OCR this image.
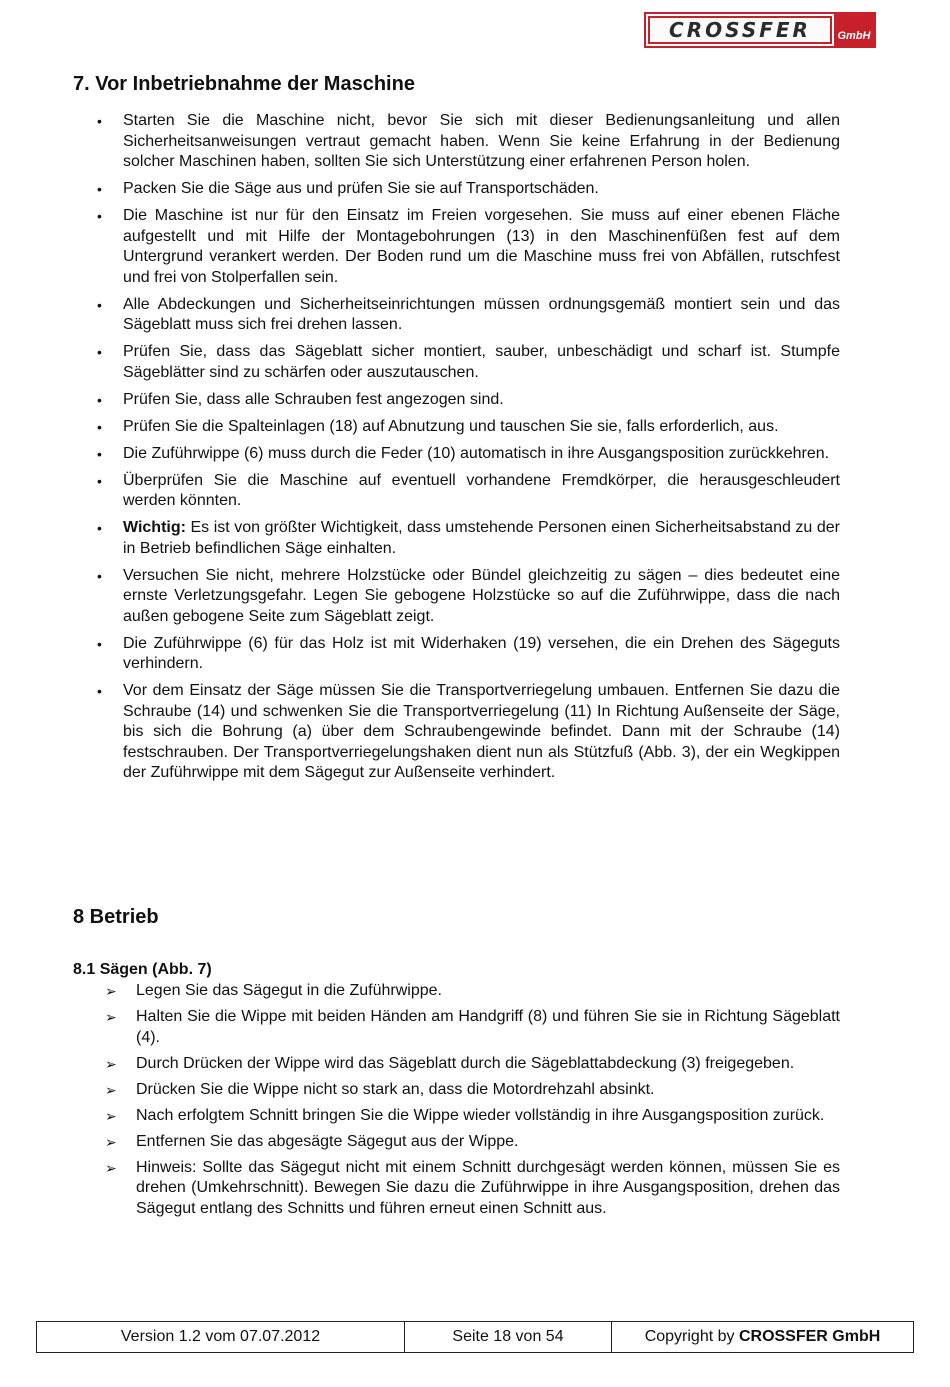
CROSSFER	GmbH
7. Vor Inbetriebnahme der Maschine
• Starten Sie die Maschine nicht, bevor Sie sich mit dieser Bedienungsanleitung und allen Sicherheitsanweisungen vertraut gemacht haben. Wenn Sie keine Erfahrung in der Bedienung solcher Maschinen haben, sollten Sie sich Unterstützung einer erfahrenen Person holen.
• Packen Sie die Säge aus und prüfen Sie sie auf Transportschäden.
• Die Maschine ist nur für den Einsatz im Freien vorgesehen. Sie muss auf einer ebenen Fläche aufgestellt und mit Hilfe der Montagebohrungen (13) in den Maschinenfüßen fest auf dem Untergrund verankert werden. Der Boden rund um die Maschine muss frei von Abfällen, rutschfest und frei von Stolperfallen sein.
• Alle Abdeckungen und Sicherheitseinrichtungen müssen ordnungsgemäß montiert sein und das Sägeblatt muss sich frei drehen lassen.
• Prüfen Sie, dass das Sägeblatt sicher montiert, sauber, unbeschädigt und scharf ist. Stumpfe Sägeblätter sind zu schärfen oder auszutauschen.
• Prüfen Sie, dass alle Schrauben fest angezogen sind.
• Prüfen Sie die Spalteinlagen (18) auf Abnutzung und tauschen Sie sie, falls erforderlich, aus.
• Die Zuführwippe (6) muss durch die Feder (10) automatisch in ihre Ausgangsposition zurückkehren.
• Überprüfen Sie die Maschine auf eventuell vorhandene Fremdkörper, die herausgeschleudert werden könnten.
• Wichtig: Es ist von größter Wichtigkeit, dass umstehende Personen einen Sicherheitsabstand zu der in Betrieb befindlichen Säge einhalten.
• Versuchen Sie nicht, mehrere Holzstücke oder Bündel gleichzeitig zu sägen – dies bedeutet eine ernste Verletzungsgefahr. Legen Sie gebogene Holzstücke so auf die Zuführwippe, dass die nach außen gebogene Seite zum Sägeblatt zeigt.
• Die Zuführwippe (6) für das Holz ist mit Widerhaken (19) versehen, die ein Drehen des Sägeguts verhindern.
• Vor dem Einsatz der Säge müssen Sie die Transportverriegelung umbauen. Entfernen Sie dazu die Schraube (14) und schwenken Sie die Transportverriegelung (11) In Richtung Außenseite der Säge, bis sich die Bohrung (a) über dem Schraubengewinde befindet. Dann mit der Schraube (14) festschrauben. Der Transportverriegelungshaken dient nun als Stützfuß (Abb. 3), der ein Wegkippen der Zuführwippe mit dem Sägegut zur Außenseite verhindert.
8 Betrieb
8.1 Sägen (Abb. 7)
➢ Legen Sie das Sägegut in die Zuführwippe.
➢ Halten Sie die Wippe mit beiden Händen am Handgriff (8) und führen Sie sie in Richtung Sägeblatt (4).
➢ Durch Drücken der Wippe wird das Sägeblatt durch die Sägeblattabdeckung (3) freigegeben.
➢ Drücken Sie die Wippe nicht so stark an, dass die Motordrehzahl absinkt.
➢ Nach erfolgtem Schnitt bringen Sie die Wippe wieder vollständig in ihre Ausgangsposition zurück.
➢ Entfernen Sie das abgesägte Sägegut aus der Wippe.
➢ Hinweis: Sollte das Sägegut nicht mit einem Schnitt durchgesägt werden können, müssen Sie es drehen (Umkehrschnitt). Bewegen Sie dazu die Zuführwippe in ihre Ausgangsposition, drehen das Sägegut entlang des Schnitts und führen erneut einen Schnitt aus.
Version 1.2 vom 07.07.2012	Seite 18 von 54	Copyright by CROSSFER GmbH
